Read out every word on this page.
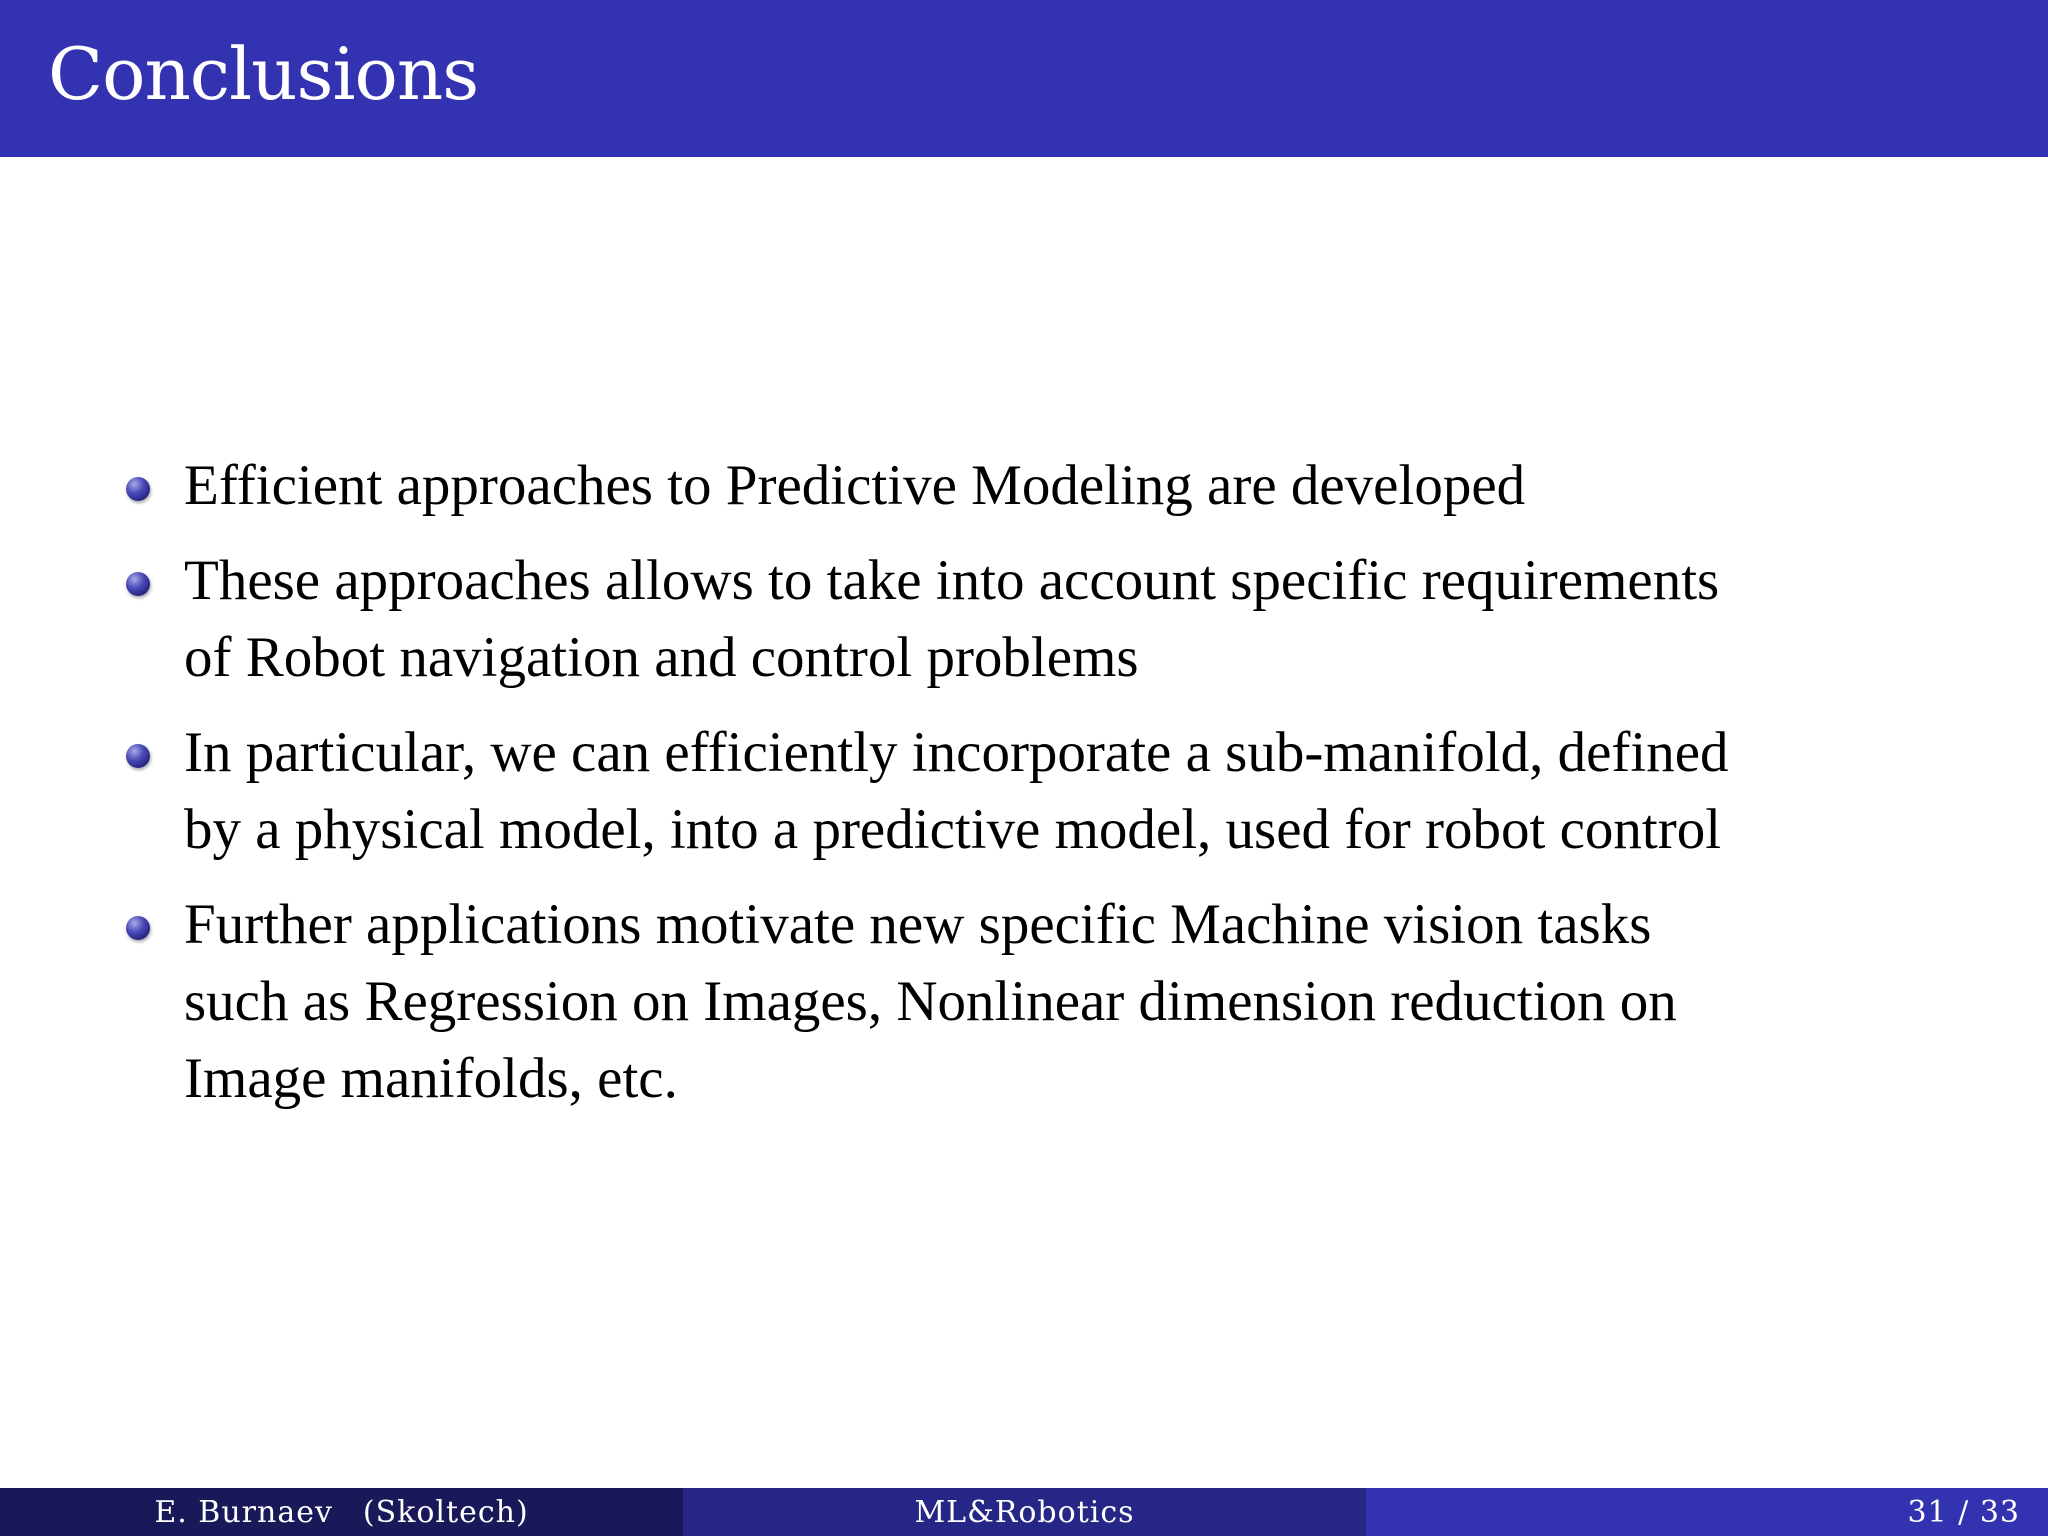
Conclusions
Efficient approaches to Predictive Modeling are developed
These approaches allows to take into account specific requirements
of Robot navigation and control problems
In particular, we can efficiently incorporate a sub-manifold, defined
by a physical model, into a predictive model, used for robot control
Further applications motivate new specific Machine vision tasks
such as Regression on Images, Nonlinear dimension reduction on
Image manifolds, etc.
E. Burnaev (Skoltech)	ML&Robotics	31 / 33
